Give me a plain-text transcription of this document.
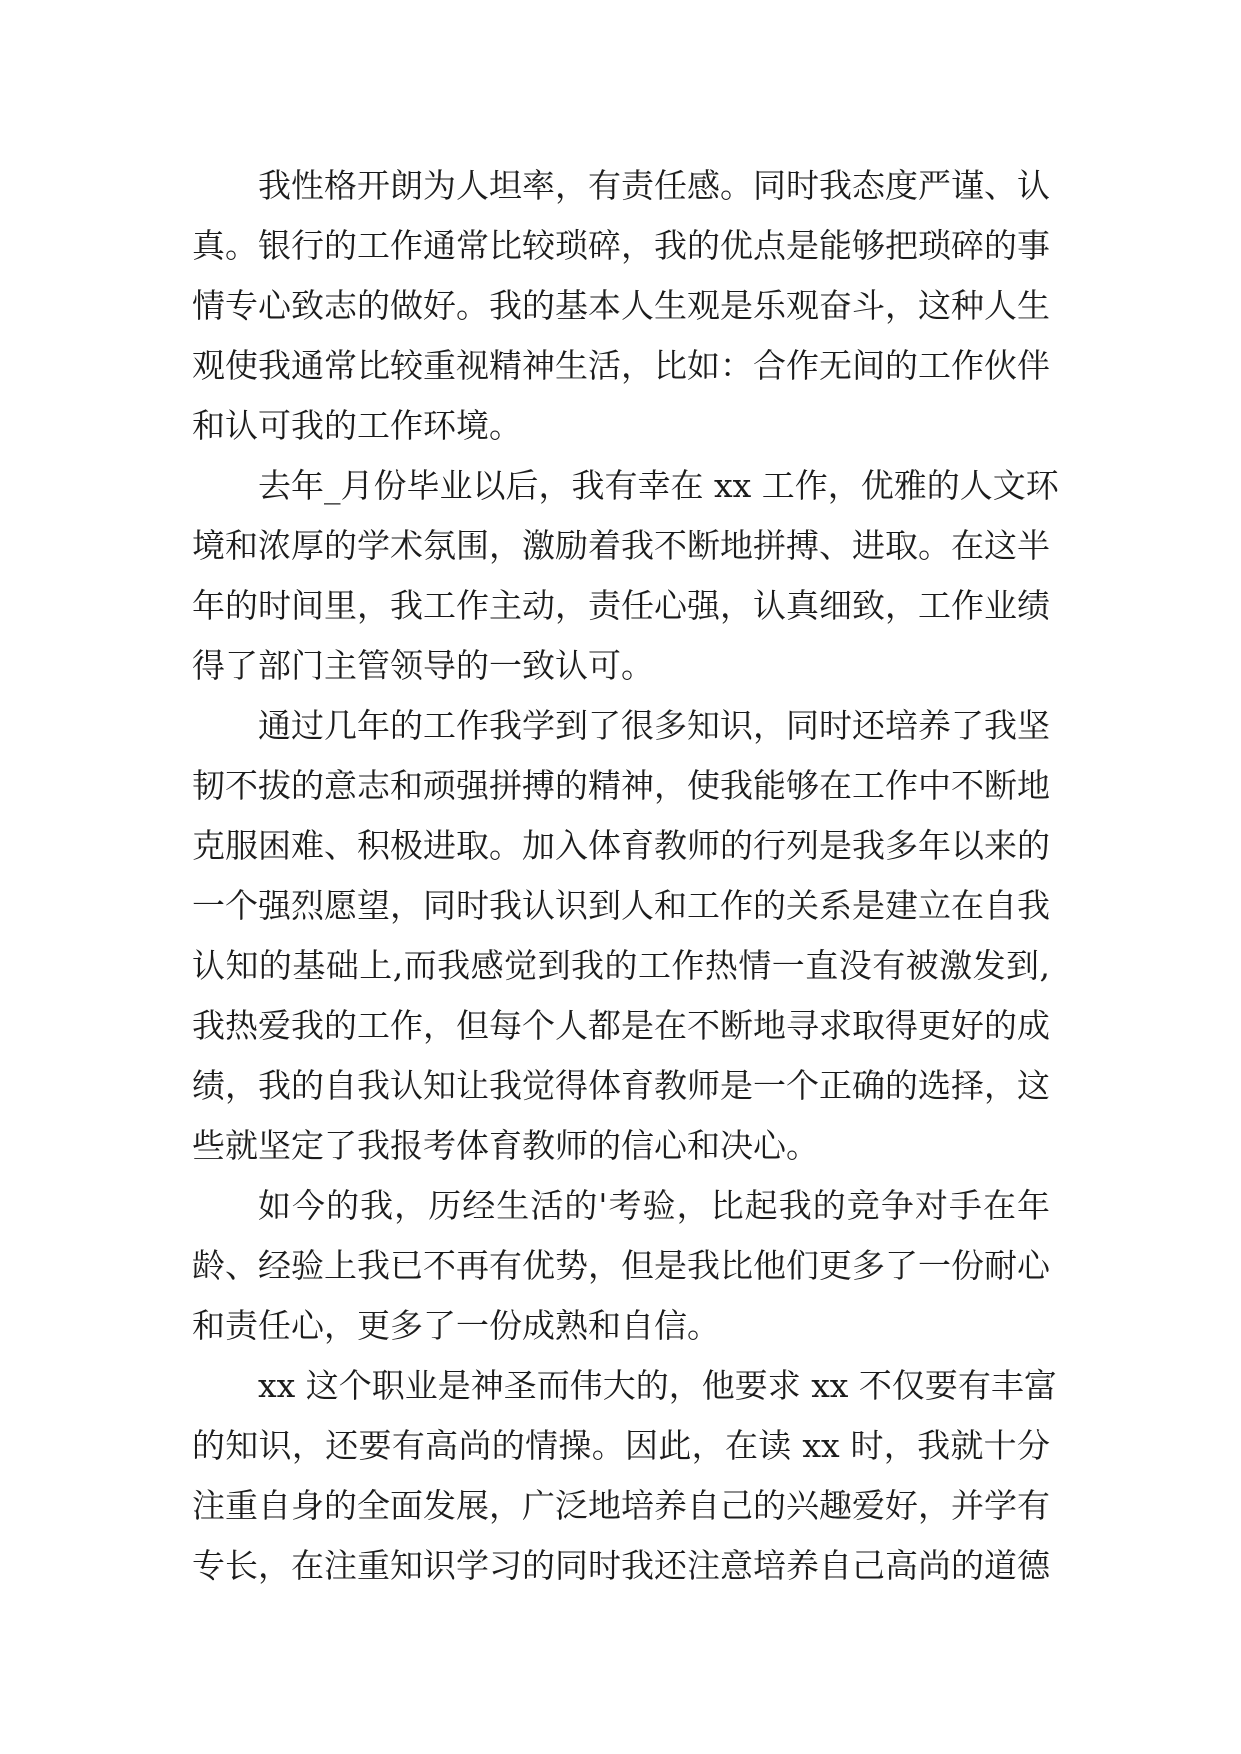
我性格开朗为人坦率，有责任感。同时我态度严谨、认
真。银行的工作通常比较琐碎，我的优点是能够把琐碎的事
情专心致志的做好。我的基本人生观是乐观奋斗，这种人生
观使我通常比较重视精神生活，比如：合作无间的工作伙伴
和认可我的工作环境。
去年_月份毕业以后，我有幸在 xx 工作，优雅的人文环
境和浓厚的学术氛围，激励着我不断地拼搏、进取。在这半
年的时间里，我工作主动，责任心强，认真细致，工作业绩
得了部门主管领导的一致认可。
通过几年的工作我学到了很多知识，同时还培养了我坚
韧不拔的意志和顽强拼搏的精神，使我能够在工作中不断地
克服困难、积极进取。加入体育教师的行列是我多年以来的
一个强烈愿望，同时我认识到人和工作的关系是建立在自我
认知的基础上,而我感觉到我的工作热情一直没有被激发到,
我热爱我的工作，但每个人都是在不断地寻求取得更好的成
绩，我的自我认知让我觉得体育教师是一个正确的选择，这
些就坚定了我报考体育教师的信心和决心。
如今的我，历经生活的'考验，比起我的竞争对手在年
龄、经验上我已不再有优势，但是我比他们更多了一份耐心
和责任心，更多了一份成熟和自信。
xx 这个职业是神圣而伟大的，他要求 xx 不仅要有丰富
的知识，还要有高尚的情操。因此，在读 xx 时，我就十分
注重自身的全面发展，广泛地培养自己的兴趣爱好，并学有
专长，在注重知识学习的同时我还注意培养自己高尚的道德
